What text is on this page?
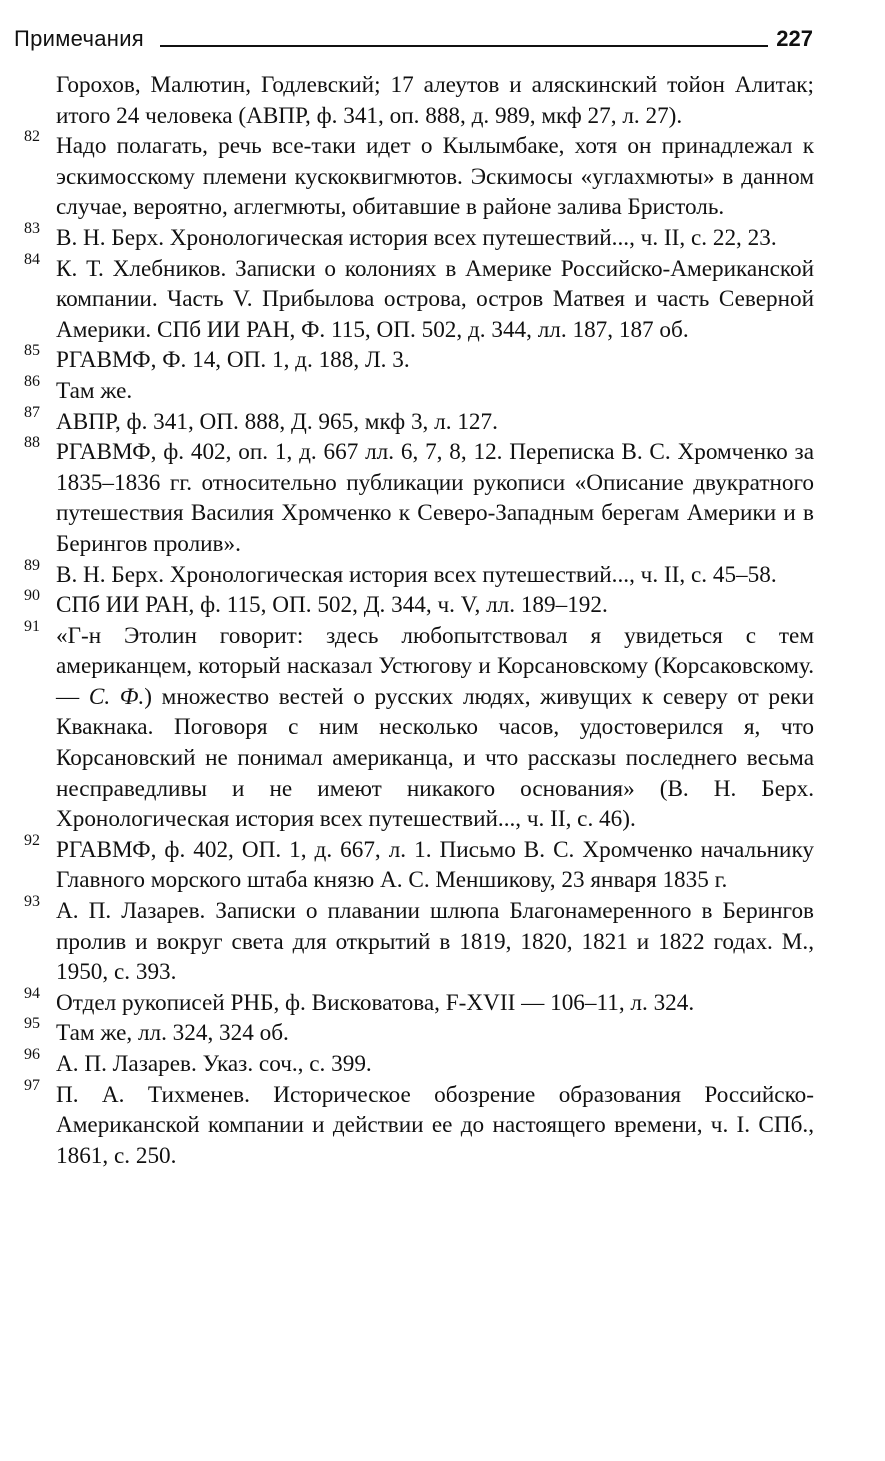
Примечания	227
Горохов, Малютин, Годлевский; 17 алеутов и аляскинский тойон Алитак; итого 24 человека (АВПР, ф. 341, оп. 888, д. 989, мкф 27, л. 27).
82 Надо полагать, речь все-таки идет о Кылымбаке, хотя он принадлежал к эскимосскому племени кускоквигмютов. Эскимосы «углахмюты» в данном случае, вероятно, аглегмюты, обитавшие в районе залива Бристоль.
83 В. Н. Берх. Хронологическая история всех путешествий..., ч. II, с. 22, 23.
84 К. Т. Хлебников. Записки о колониях в Америке Российско-Американской компании. Часть V. Прибылова острова, остров Матвея и часть Северной Америки. СПб ИИ РАН, Ф. 115, ОП. 502, д. 344, лл. 187, 187 об.
85 РГАВМФ, Ф. 14, ОП. 1, д. 188, Л. 3.
86 Там же.
87 АВПР, ф. 341, ОП. 888, Д. 965, мкф 3, л. 127.
88 РГАВМФ, ф. 402, оп. 1, д. 667 лл. 6, 7, 8, 12. Переписка В. С. Хромченко за 1835–1836 гг. относительно публикации рукописи «Описание двукратного путешествия Василия Хромченко к Северо-Западным берегам Америки и в Берингов пролив».
89 В. Н. Берх. Хронологическая история всех путешествий..., ч. II, с. 45–58.
90 СПб ИИ РАН, ф. 115, ОП. 502, Д. 344, ч. V, лл. 189–192.
91 «Г-н Этолин говорит: здесь любопытствовал я увидеться с тем американцем, который насказал Устюгову и Корсановскому (Корсаковскому. — С. Ф.) множество вестей о русских людях, живущих к северу от реки Квакнака. Поговоря с ним несколько часов, удостоверился я, что Корсановский не понимал американца, и что рассказы последнего весьма несправедливы и не имеют никакого основания» (В. Н. Берх. Хронологическая история всех путешествий..., ч. II, с. 46).
92 РГАВМФ, ф. 402, ОП. 1, д. 667, л. 1. Письмо В. С. Хромченко начальнику Главного морского штаба князю А. С. Меншикову, 23 января 1835 г.
93 А. П. Лазарев. Записки о плавании шлюпа Благонамеренного в Берингов пролив и вокруг света для открытий в 1819, 1820, 1821 и 1822 годах. М., 1950, с. 393.
94 Отдел рукописей РНБ, ф. Висковатова, F-XVII — 106–11, л. 324.
95 Там же, лл. 324, 324 об.
96 А. П. Лазарев. Указ. соч., с. 399.
97 П. А. Тихменев. Историческое обозрение образования Российско-Американской компании и действии ее до настоящего времени, ч. I. СПб., 1861, с. 250.
